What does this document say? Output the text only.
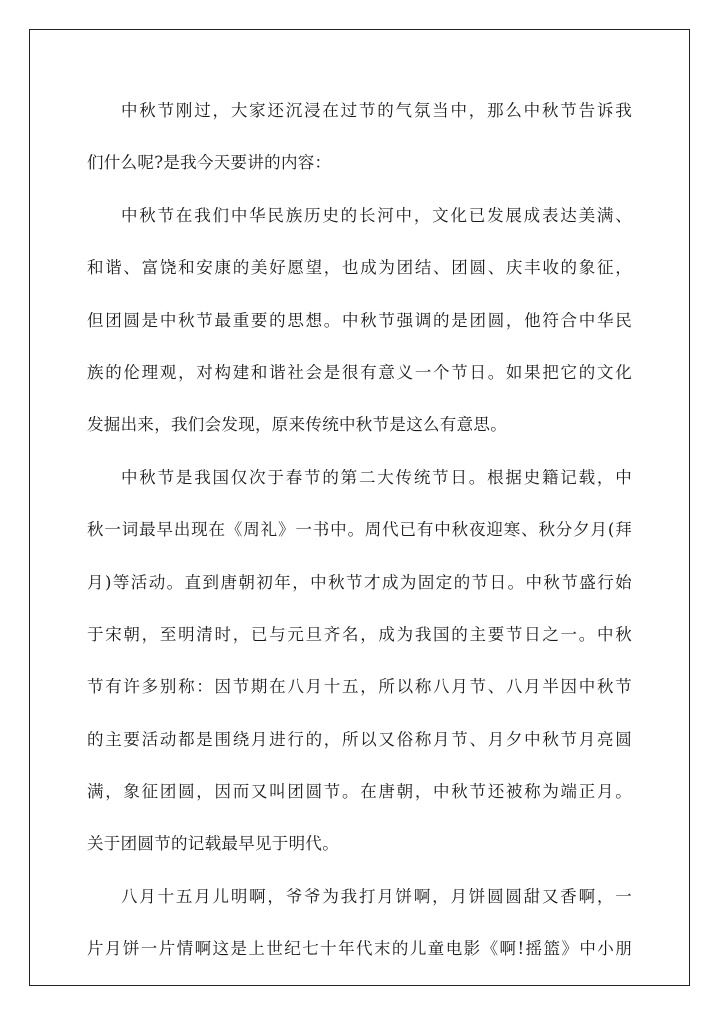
中秋节刚过，大家还沉浸在过节的气氛当中，那么中秋节告诉我
们什么呢?是我今天要讲的内容：
中秋节在我们中华民族历史的长河中，文化已发展成表达美满、
和谐、富饶和安康的美好愿望，也成为团结、团圆、庆丰收的象征，
但团圆是中秋节最重要的思想。中秋节强调的是团圆，他符合中华民
族的伦理观，对构建和谐社会是很有意义一个节日。如果把它的文化
发掘出来，我们会发现，原来传统中秋节是这么有意思。
中秋节是我国仅次于春节的第二大传统节日。根据史籍记载，中
秋一词最早出现在《周礼》一书中。周代已有中秋夜迎寒、秋分夕月(拜
月)等活动。直到唐朝初年，中秋节才成为固定的节日。中秋节盛行始
于宋朝，至明清时，已与元旦齐名，成为我国的主要节日之一。中秋
节有许多别称：因节期在八月十五，所以称八月节、八月半因中秋节
的主要活动都是围绕月进行的，所以又俗称月节、月夕中秋节月亮圆
满，象征团圆，因而又叫团圆节。在唐朝，中秋节还被称为端正月。
关于团圆节的记载最早见于明代。
八月十五月儿明啊，爷爷为我打月饼啊，月饼圆圆甜又香啊，一
片月饼一片情啊这是上世纪七十年代末的儿童电影《啊!摇篮》中小朋
